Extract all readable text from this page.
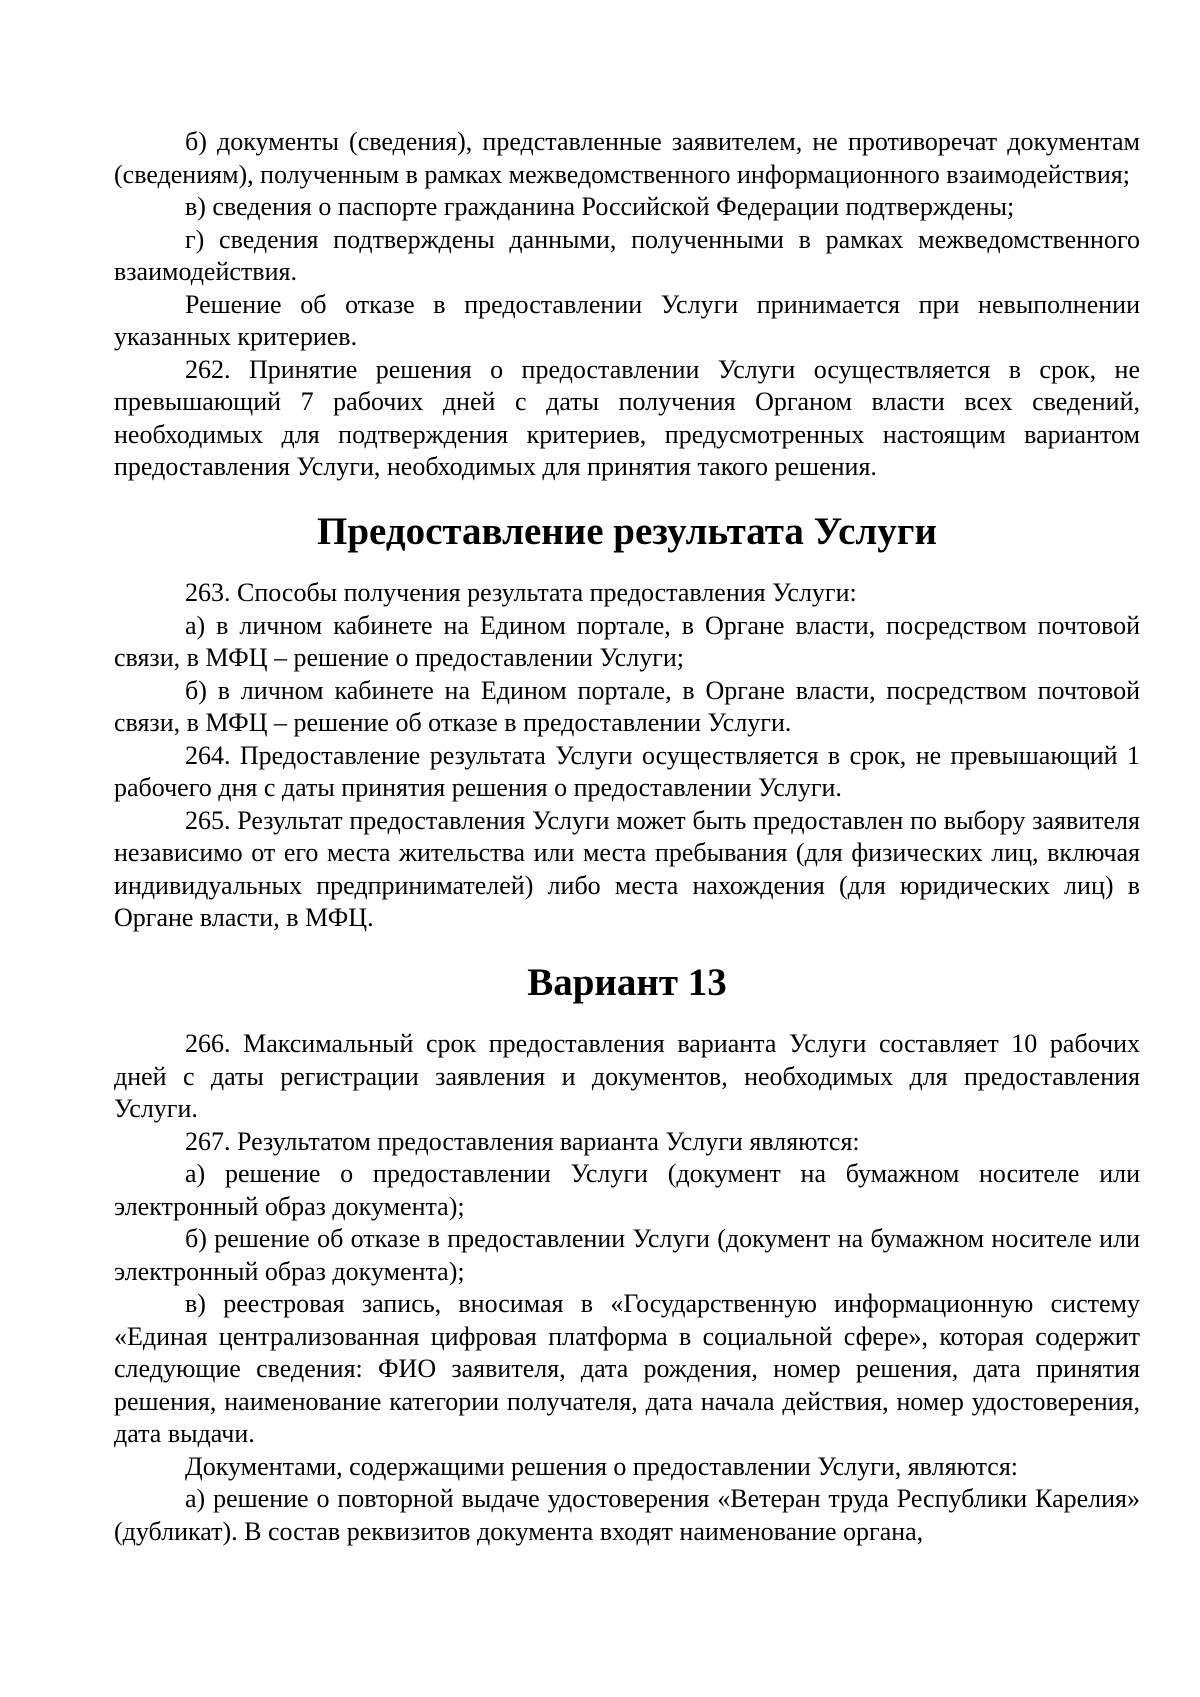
б) документы (сведения), представленные заявителем, не противоречат документам (сведениям), полученным в рамках межведомственного информационного взаимодействия;

в) сведения о паспорте гражданина Российской Федерации подтверждены;

г) сведения подтверждены данными, полученными в рамках межведомственного взаимодействия.

Решение об отказе в предоставлении Услуги принимается при невыполнении указанных критериев.

262. Принятие решения о предоставлении Услуги осуществляется в срок, не превышающий 7 рабочих дней с даты получения Органом власти всех сведений, необходимых для подтверждения критериев, предусмотренных настоящим вариантом предоставления Услуги, необходимых для принятия такого решения.

Предоставление результата Услуги

263. Способы получения результата предоставления Услуги:

а) в личном кабинете на Едином портале, в Органе власти, посредством почтовой связи, в МФЦ – решение о предоставлении Услуги;

б) в личном кабинете на Едином портале, в Органе власти, посредством почтовой связи, в МФЦ – решение об отказе в предоставлении Услуги.

264. Предоставление результата Услуги осуществляется в срок, не превышающий 1 рабочего дня с даты принятия решения о предоставлении Услуги.

265. Результат предоставления Услуги может быть предоставлен по выбору заявителя независимо от его места жительства или места пребывания (для физических лиц, включая индивидуальных предпринимателей) либо места нахождения (для юридических лиц) в Органе власти, в МФЦ.

Вариант 13

266. Максимальный срок предоставления варианта Услуги составляет 10 рабочих дней с даты регистрации заявления и документов, необходимых для предоставления Услуги.

267. Результатом предоставления варианта Услуги являются:

а) решение о предоставлении Услуги (документ на бумажном носителе или электронный образ документа);

б) решение об отказе в предоставлении Услуги (документ на бумажном носителе или электронный образ документа);

в) реестровая запись, вносимая в «Государственную информационную систему «Единая централизованная цифровая платформа в социальной сфере», которая содержит следующие сведения: ФИО заявителя, дата рождения, номер решения, дата принятия решения, наименование категории получателя, дата начала действия, номер удостоверения, дата выдачи.

Документами, содержащими решения о предоставлении Услуги, являются:

а) решение о повторной выдаче удостоверения «Ветеран труда Республики Карелия» (дубликат). В состав реквизитов документа входят наименование органа,
